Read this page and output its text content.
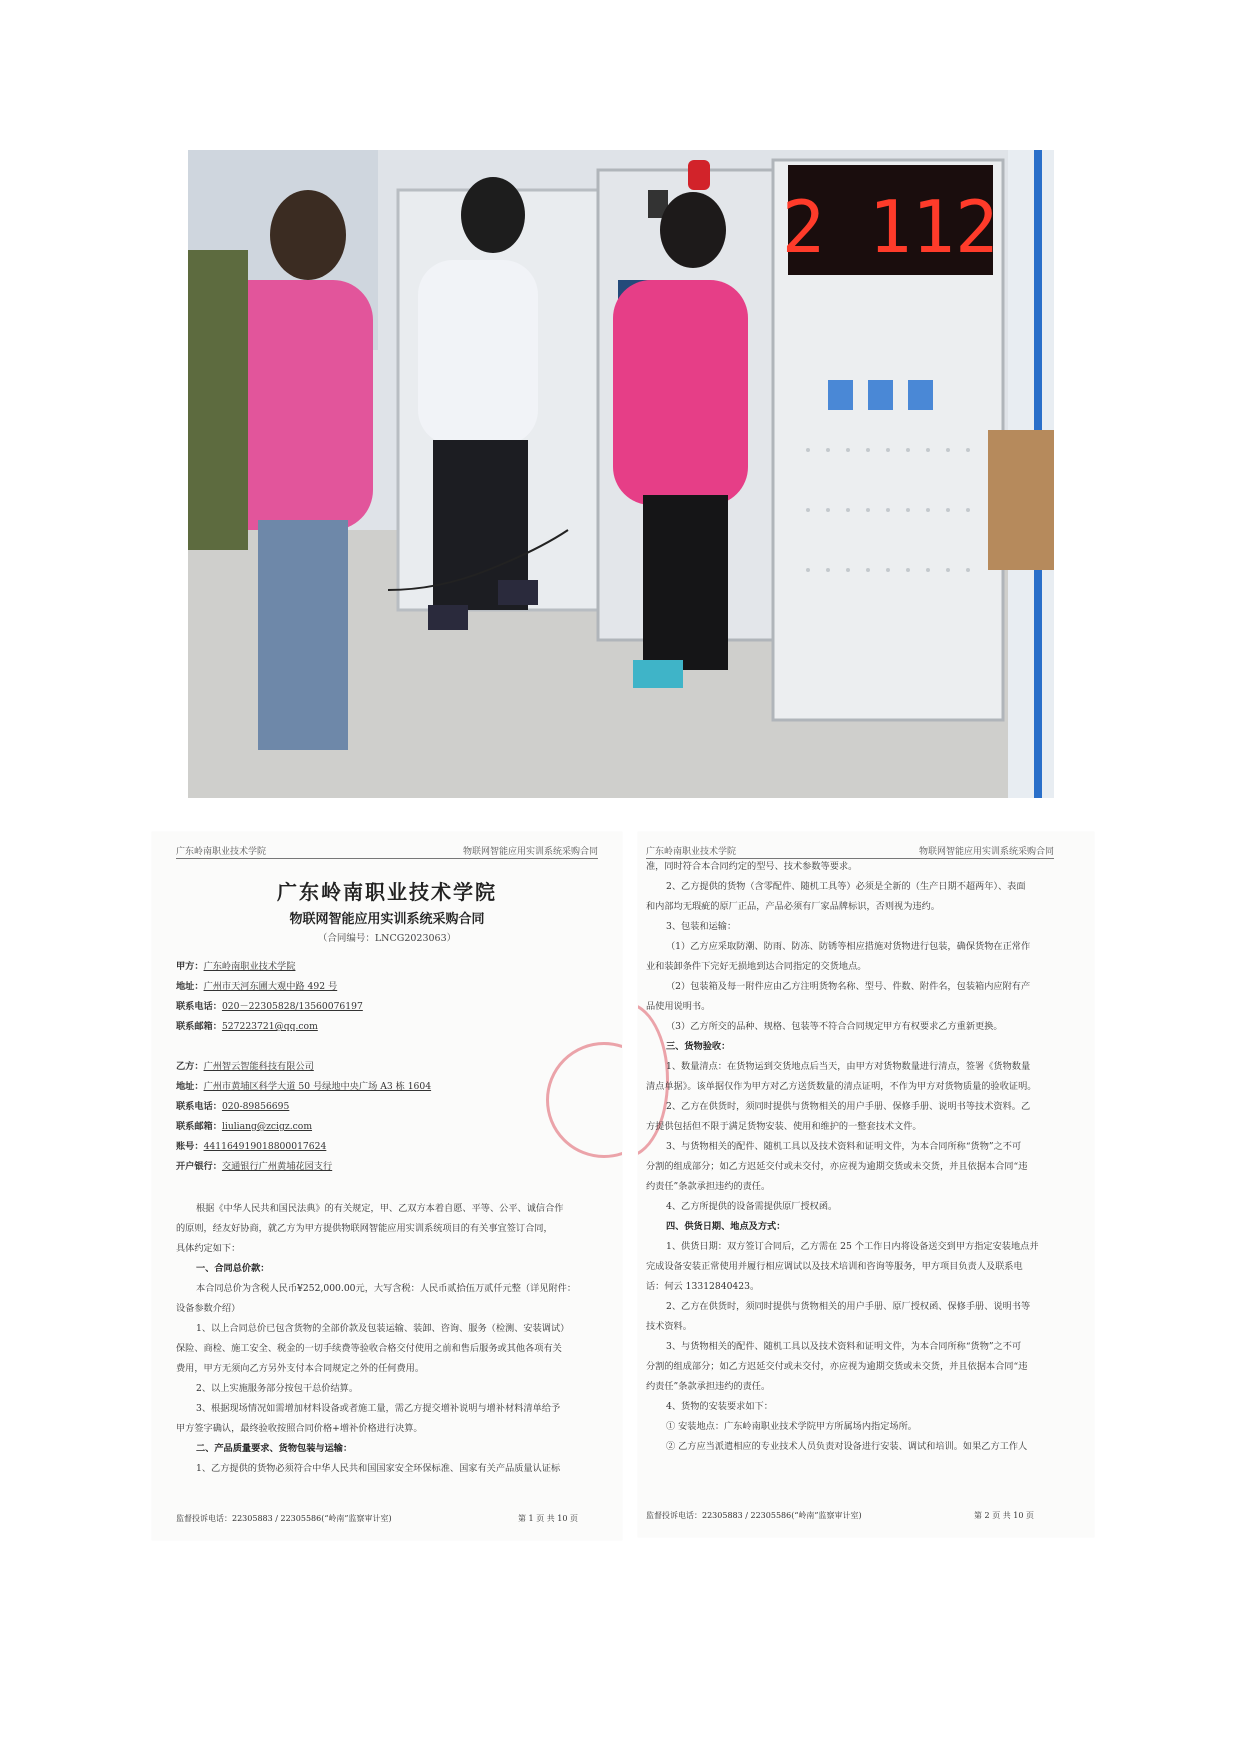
2 112
广东岭南职业技术学院	物联网智能应用实训系统采购合同
广东岭南职业技术学院
物联网智能应用实训系统采购合同
（合同编号：LNCG2023063）
甲方：广东岭南职业技术学院
地址：广州市天河东圃大观中路 492 号
联系电话：020－22305828/13560076197
联系邮箱：527223721@qq.com
乙方：广州智云智能科技有限公司
地址：广州市黄埔区科学大道 50 号绿地中央广场 A3 栋 1604
联系电话：020-89856695
联系邮箱：liuliang@zcigz.com
账号：441164919018800017624
开户银行：交通银行广州黄埔花园支行
根据《中华人民共和国民法典》的有关规定，甲、乙双方本着自愿、平等、公平、诚信合作
的原则，经友好协商，就乙方为甲方提供物联网智能应用实训系统项目的有关事宜签订合同，
具体约定如下：
一、合同总价款：
本合同总价为含税人民币¥252,000.00元，大写含税：人民币贰拾伍万贰仟元整（详见附件：
设备参数介绍）
1、以上合同总价已包含货物的全部价款及包装运输、装卸、咨询、服务（检测、安装调试）
保险、商检、施工安全、税金的一切手续费等验收合格交付使用之前和售后服务或其他各项有关
费用，甲方无须向乙方另外支付本合同规定之外的任何费用。
2、以上实施服务部分按包干总价结算。
3、根据现场情况如需增加材料设备或者施工量，需乙方提交增补说明与增补材料清单给予
甲方签字确认，最终验收按照合同价格+增补价格进行决算。
二、产品质量要求、货物包装与运输：
1、乙方提供的货物必须符合中华人民共和国国家安全环保标准、国家有关产品质量认证标
监督投诉电话：22305883 / 22305586(“岭南”监察审计室)	第 1 页 共 10 页
广东岭南职业技术学院	物联网智能应用实训系统采购合同
准，同时符合本合同约定的型号、技术参数等要求。
2、乙方提供的货物（含零配件、随机工具等）必须是全新的（生产日期不超两年）、表面
和内部均无瑕疵的原厂正品，产品必须有厂家品牌标识，否则视为违约。
3、包装和运输：
（1）乙方应采取防潮、防雨、防冻、防锈等相应措施对货物进行包装，确保货物在正常作
业和装卸条件下完好无损地到达合同指定的交货地点。
（2）包装箱及每一附件应由乙方注明货物名称、型号、件数、附件名，包装箱内应附有产
品使用说明书。
（3）乙方所交的品种、规格、包装等不符合合同规定甲方有权要求乙方重新更换。
三、货物验收：
1、数量清点：在货物运到交货地点后当天，由甲方对货物数量进行清点，签署《货物数量
清点单据》。该单据仅作为甲方对乙方送货数量的清点证明，不作为甲方对货物质量的验收证明。
2、乙方在供货时，须同时提供与货物相关的用户手册、保修手册、说明书等技术资料。乙
方提供包括但不限于满足货物安装、使用和维护的一整套技术文件。
3、与货物相关的配件、随机工具以及技术资料和证明文件，为本合同所称“货物”之不可
分割的组成部分；如乙方迟延交付或未交付，亦应视为逾期交货或未交货，并且依据本合同“违
约责任”条款承担违约的责任。
4、乙方所提供的设备需提供原厂授权函。
四、供货日期、地点及方式：
1、供货日期：双方签订合同后，乙方需在 25 个工作日内将设备送交到甲方指定安装地点并
完成设备安装正常使用并履行相应调试以及技术培训和咨询等服务，甲方项目负责人及联系电
话：何云 13312840423。
2、乙方在供货时，须同时提供与货物相关的用户手册、原厂授权函、保修手册、说明书等
技术资料。
3、与货物相关的配件、随机工具以及技术资料和证明文件，为本合同所称“货物”之不可
分割的组成部分；如乙方迟延交付或未交付，亦应视为逾期交货或未交货，并且依据本合同“违
约责任”条款承担违约的责任。
4、货物的安装要求如下：
① 安装地点：广东岭南职业技术学院甲方所属场内指定场所。
② 乙方应当派遣相应的专业技术人员负责对设备进行安装、调试和培训。如果乙方工作人
监督投诉电话：22305883 / 22305586(“岭南”监察审计室)	第 2 页 共 10 页
